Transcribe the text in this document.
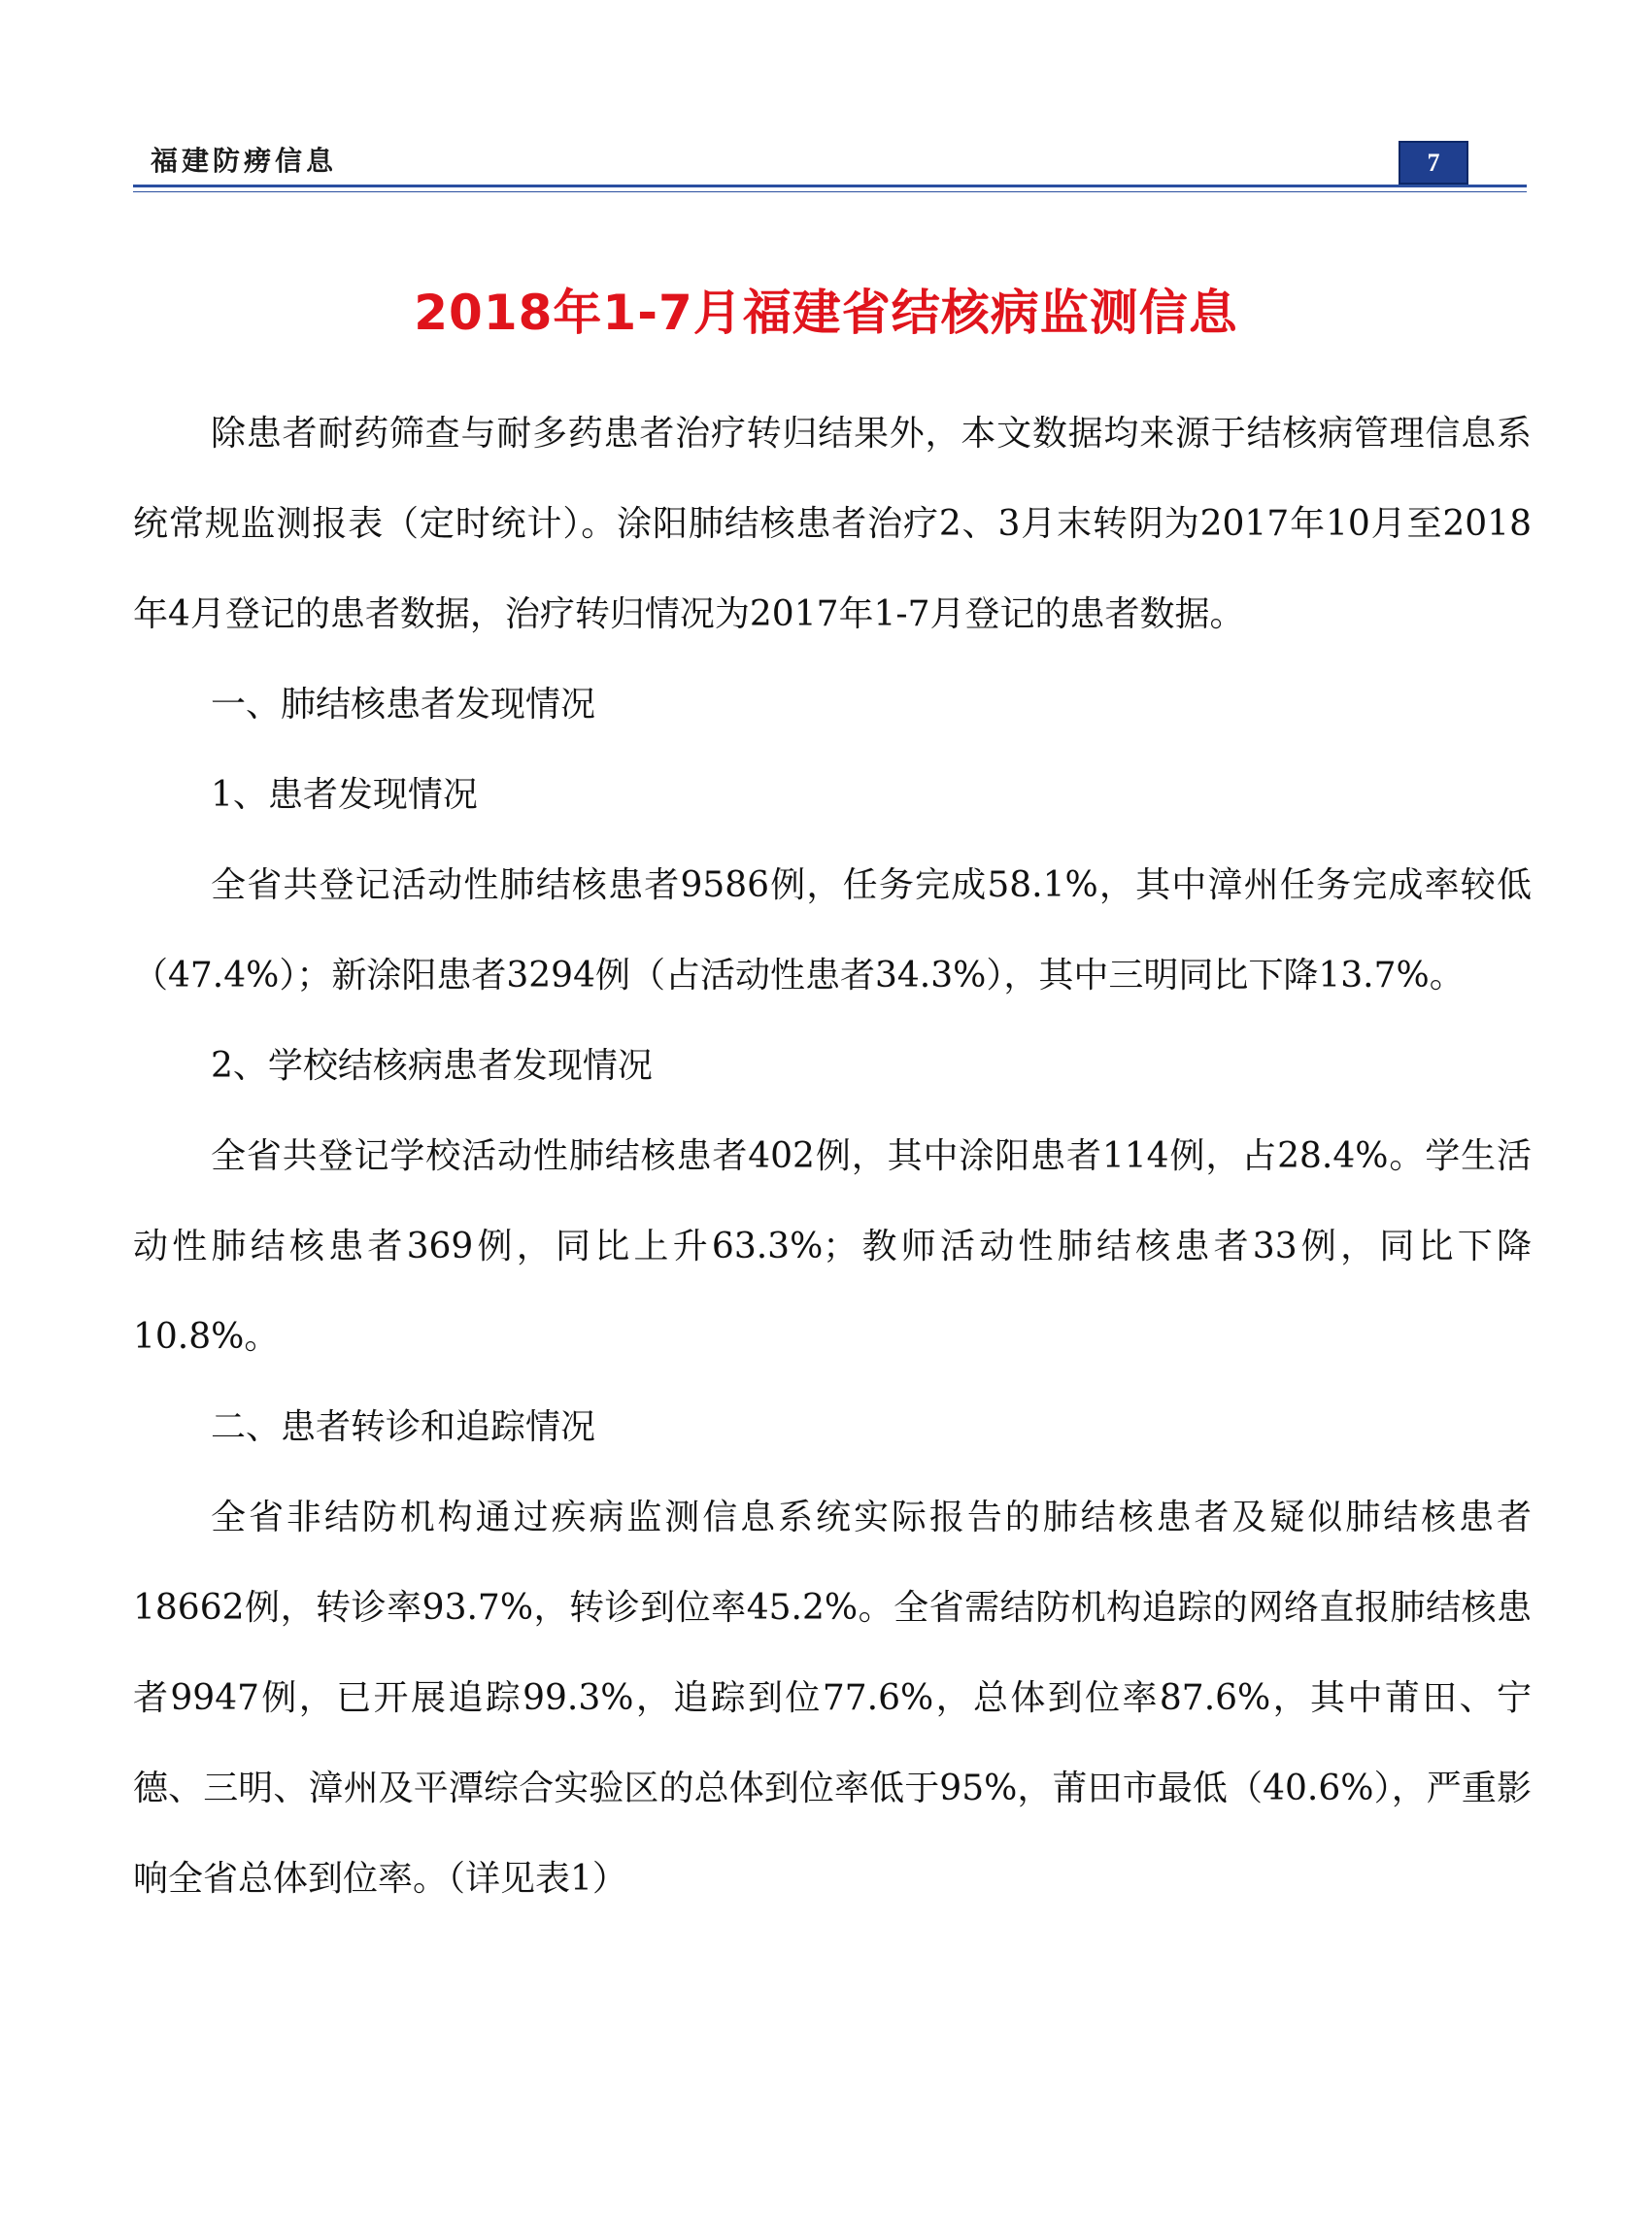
福建防痨信息	7
2018年1-7月福建省结核病监测信息

除患者耐药筛查与耐多药患者治疗转归结果外，本文数据均来源于结核病管理信息系统常规监测报表（定时统计）。涂阳肺结核患者治疗2、3月末转阴为2017年10月至2018年4月登记的患者数据，治疗转归情况为2017年1-7月登记的患者数据。

一、肺结核患者发现情况

1、患者发现情况

全省共登记活动性肺结核患者9586例，任务完成58.1%，其中漳州任务完成率较低（47.4%）；新涂阳患者3294例（占活动性患者34.3%），其中三明同比下降13.7%。

2、学校结核病患者发现情况

全省共登记学校活动性肺结核患者402例，其中涂阳患者114例，占28.4%。学生活动性肺结核患者369例，同比上升63.3%；教师活动性肺结核患者33例，同比下降10.8%。

二、患者转诊和追踪情况

全省非结防机构通过疾病监测信息系统实际报告的肺结核患者及疑似肺结核患者18662例，转诊率93.7%，转诊到位率45.2%。全省需结防机构追踪的网络直报肺结核患者9947例，已开展追踪99.3%，追踪到位77.6%，总体到位率87.6%，其中莆田、宁德、三明、漳州及平潭综合实验区的总体到位率低于95%，莆田市最低（40.6%），严重影响全省总体到位率。（详见表1）
